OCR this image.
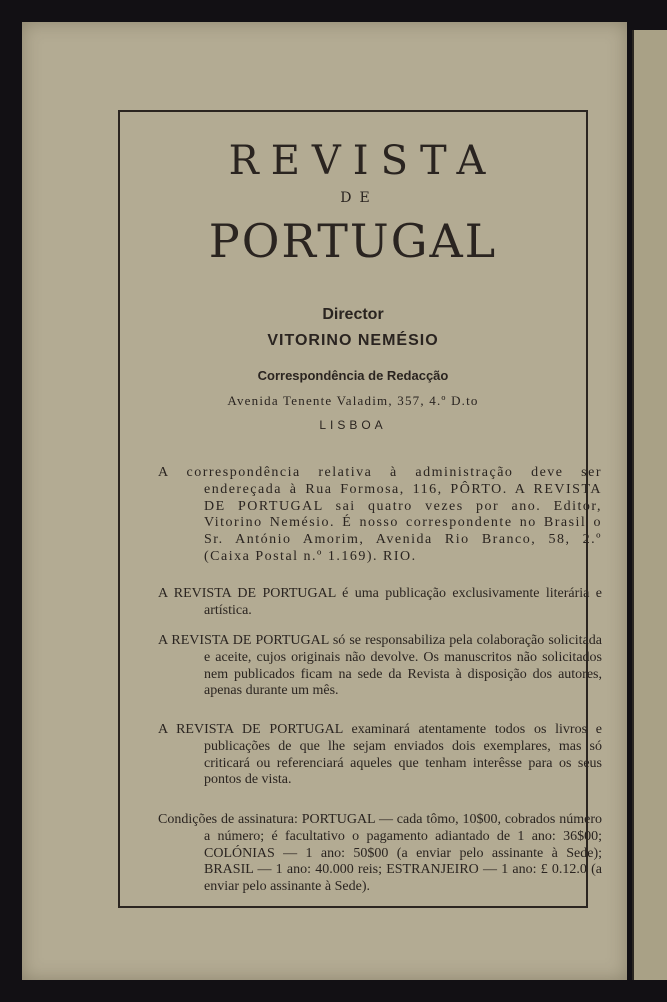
REVISTA
DE
PORTUGAL
Director
VITORINO NEMÉSIO
Correspondência de Redacção
Avenida Tenente Valadim, 357, 4.º D.to
LISBOA
A correspondência relativa à administração deve ser endereçada à Rua Formosa, 116, PÔRTO. A REVISTA DE PORTUGAL sai quatro vezes por ano. Editor, Vitorino Nemésio. É nosso correspondente no Brasil o Sr. António Amorim, Avenida Rio Branco, 58, 2.º (Caixa Postal n.º 1.169). RIO.
A REVISTA DE PORTUGAL é uma publicação exclusivamente literária e artística.
A REVISTA DE PORTUGAL só se responsabiliza pela colaboração solicitada e aceite, cujos originais não devolve. Os manuscritos não solicitados nem publicados ficam na sede da Revista à disposição dos autores, apenas durante um mês.
A REVISTA DE PORTUGAL examinará atentamente todos os livros e publicações de que lhe sejam enviados dois exemplares, mas só criticará ou referenciará aqueles que tenham interêsse para os seus pontos de vista.
Condições de assinatura: PORTUGAL — cada tômo, 10$00, cobrados número a número; é facultativo o pagamento adiantado de 1 ano: 36$00; COLÓNIAS — 1 ano: 50$00 (a enviar pelo assinante à Sede); BRASIL — 1 ano: 40.000 reis; ESTRANJEIRO — 1 ano: £ 0.12.0 (a enviar pelo assinante à Sede).
